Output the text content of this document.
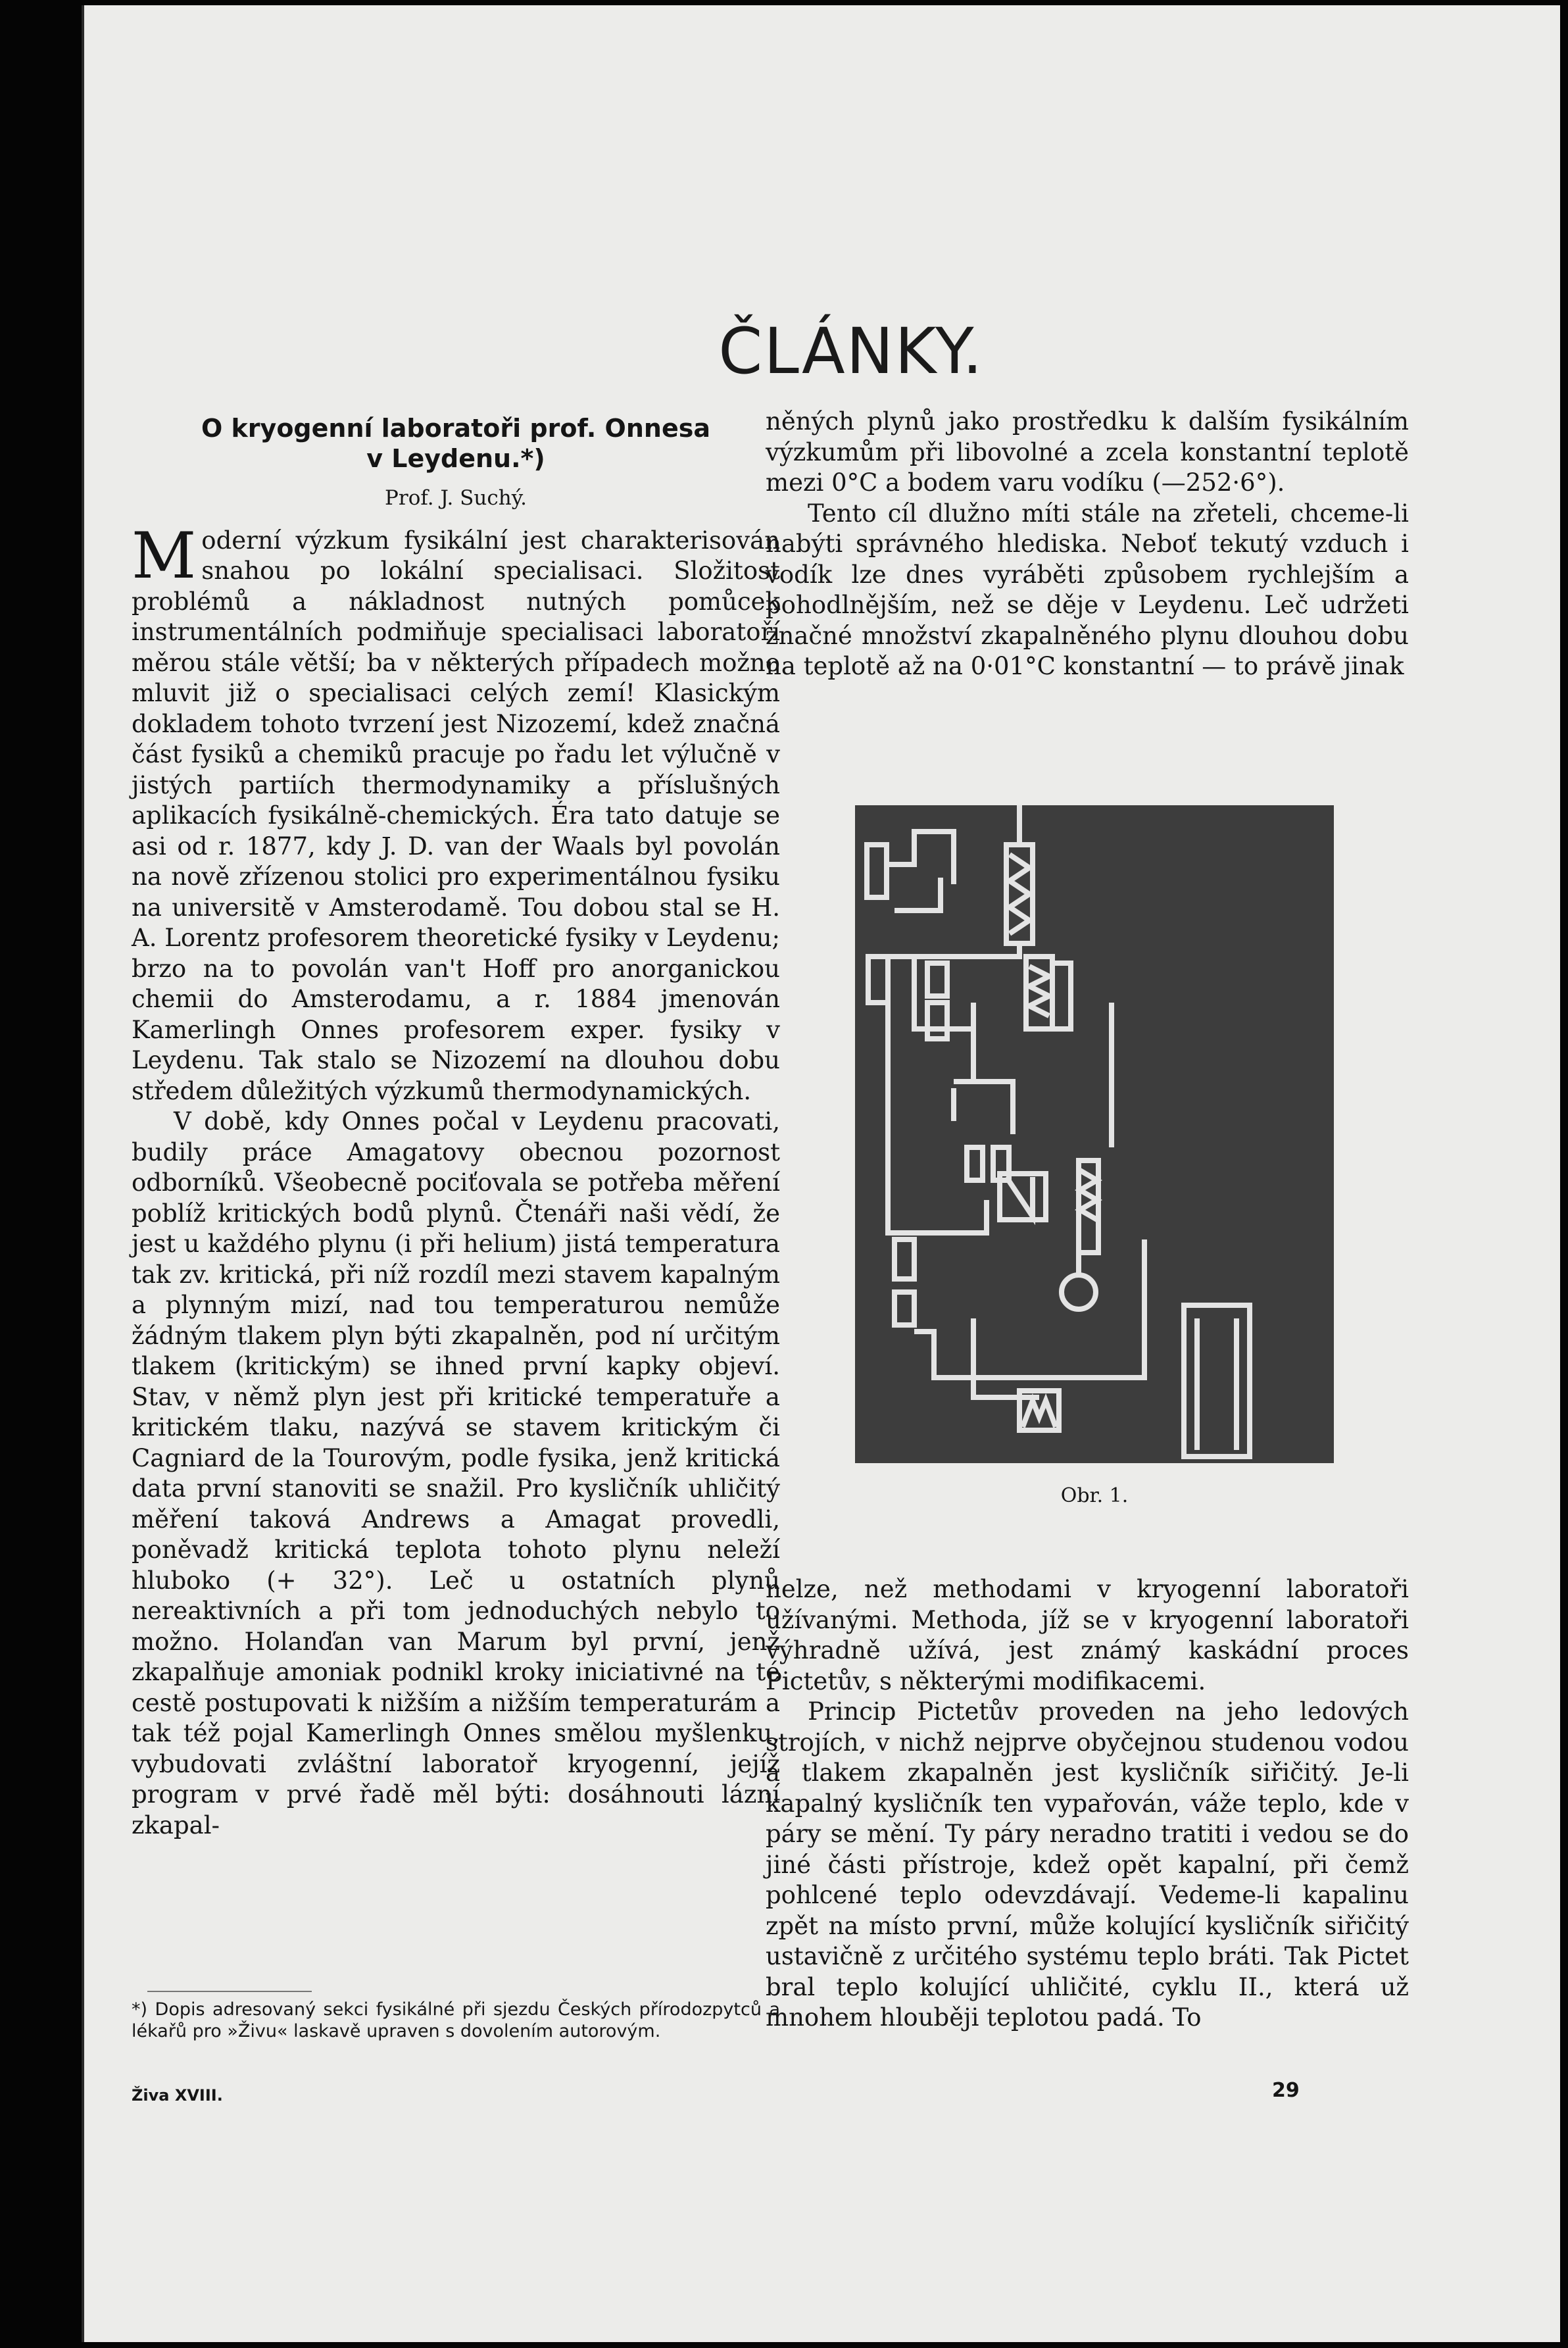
ČLÁNKY.
O kryogenní laboratoři prof. Onnesa
v Leydenu.*)
Prof. J. Suchý.

Moderní výzkum fysikální jest charakterisován snahou po lokální specialisaci. Složitost problémů a nákladnost nutných pomůcek instrumentálních podmiňuje specialisaci laboratoří měrou stále větší; ba v některých případech možno mluvit již o specialisaci celých zemí! Klasickým dokladem tohoto tvrzení jest Nizozemí, kdež značná část fysiků a chemiků pracuje po řadu let výlučně v jistých partiích thermodynamiky a příslušných aplikacích fysikálně-chemických. Éra tato datuje se asi od r. 1877, kdy J. D. van der Waals byl povolán na nově zřízenou stolici pro experimentálnou fysiku na universitě v Amsterodamě. Tou dobou stal se H. A. Lorentz profesorem theoretické fysiky v Leydenu; brzo na to povolán van't Hoff pro anorganickou chemii do Amsterodamu, a r. 1884 jmenován Kamerlingh Onnes profesorem exper. fysiky v Leydenu. Tak stalo se Nizozemí na dlouhou dobu středem důležitých výzkumů thermodynamických.

V době, kdy Onnes počal v Leydenu pracovati, budily práce Amagatovy obecnou pozornost odborníků. Všeobecně pociťovala se potřeba měření poblíž kritických bodů plynů. Čtenáři naši vědí, že jest u každého plynu (i při helium) jistá temperatura tak zv. kritická, při níž rozdíl mezi stavem kapalným a plynným mizí, nad tou temperaturou nemůže žádným tlakem plyn býti zkapalněn, pod ní určitým tlakem (kritickým) se ihned první kapky objeví. Stav, v němž plyn jest při kritické temperatuře a kritickém tlaku, nazývá se stavem kritickým či Cagniard de la Tourovým, podle fysika, jenž kritická data první stanoviti se snažil. Pro kysličník uhličitý měření taková Andrews a Amagat provedli, poněvadž kritická teplota tohoto plynu neleží hluboko (+ 32°). Leč u ostatních plynů nereaktivních a při tom jednoduchých nebylo to možno. Holanďan van Marum byl první, jenž zkapalňuje amoniak podnikl kroky iniciativné na té cestě postupovati k nižším a nižším temperaturám a tak též pojal Kamerlingh Onnes smělou myšlenku, vybudovati zvláštní laboratoř kryogenní, jejíž program v prvé řadě měl býti: dosáhnouti lázní zkapal-

*) Dopis adresovaný sekci fysikálné při sjezdu Českých přírodozpytců a lékařů pro »Živu« laskavě upraven s dovolením autorovým.
Živa XVIII.

něných plynů jako prostředku k dalším fysikálním výzkumům při libovolné a zcela konstantní teplotě mezi 0°C a bodem varu vodíku (—252·6°).

Tento cíl dlužno míti stále na zřeteli, chceme-li nabýti správného hlediska. Neboť tekutý vzduch i vodík lze dnes vyráběti způsobem rychlejším a pohodlnějším, než se děje v Leydenu. Leč udržeti značné množství zkapalněného plynu dlouhou dobu na teplotě až na 0·01°C konstantní — to právě jinak

Obr. 1.

nelze, než methodami v kryogenní laboratoři užívanými. Methoda, jíž se v kryogenní laboratoři výhradně užívá, jest známý kaskádní proces Pictetův, s některými modifikacemi.

Princip Pictetův proveden na jeho ledových strojích, v nichž nejprve obyčejnou studenou vodou a tlakem zkapalněn jest kysličník siřičitý. Je-li kapalný kysličník ten vypařován, váže teplo, kde v páry se mění. Ty páry neradno tratiti i vedou se do jiné části přístroje, kdež opět kapalní, při čemž pohlcené teplo odevzdávají. Vedeme-li kapalinu zpět na místo první, může kolující kysličník siřičitý ustavičně z určitého systému teplo bráti. Tak Pictet bral teplo kolující uhličité, cyklu II., která už mnohem hlouběji teplotou padá. To

29
